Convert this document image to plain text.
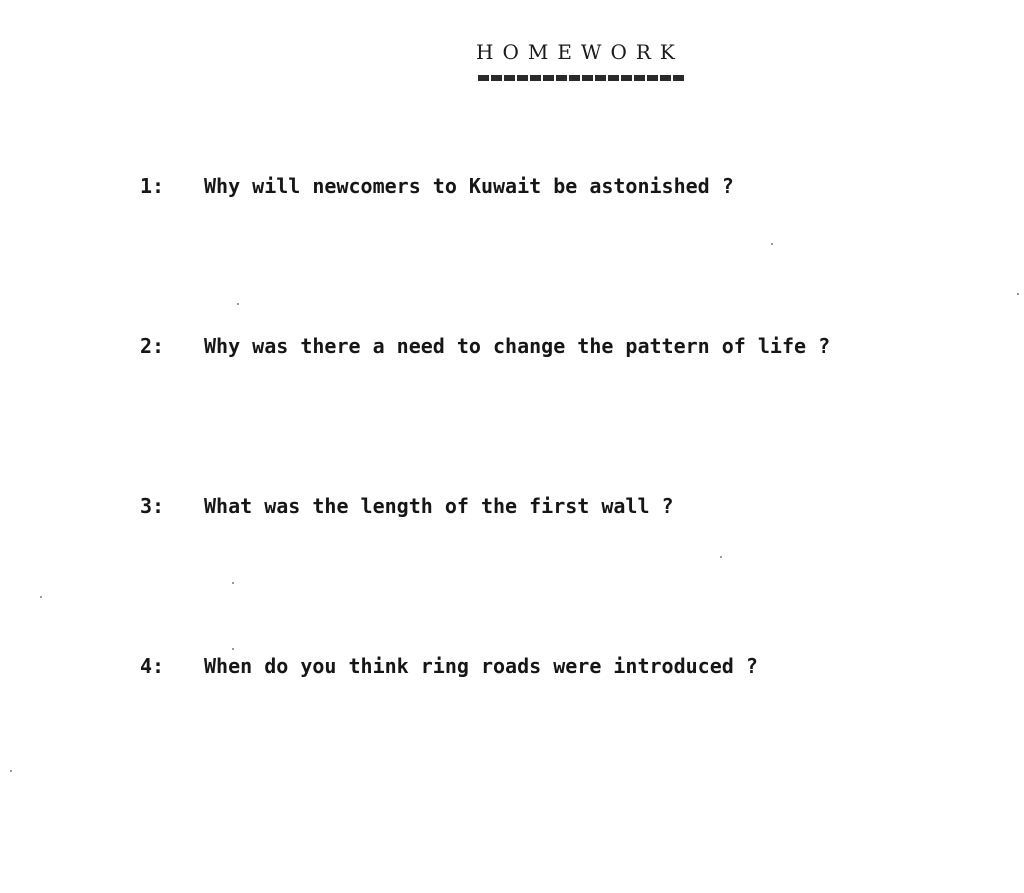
HOMEWORK
1: Why will newcomers to Kuwait be astonished ?
2: Why was there a need to change the pattern of life ?
3: What was the length of the first wall ?
4: When do you think ring roads were introduced ?
